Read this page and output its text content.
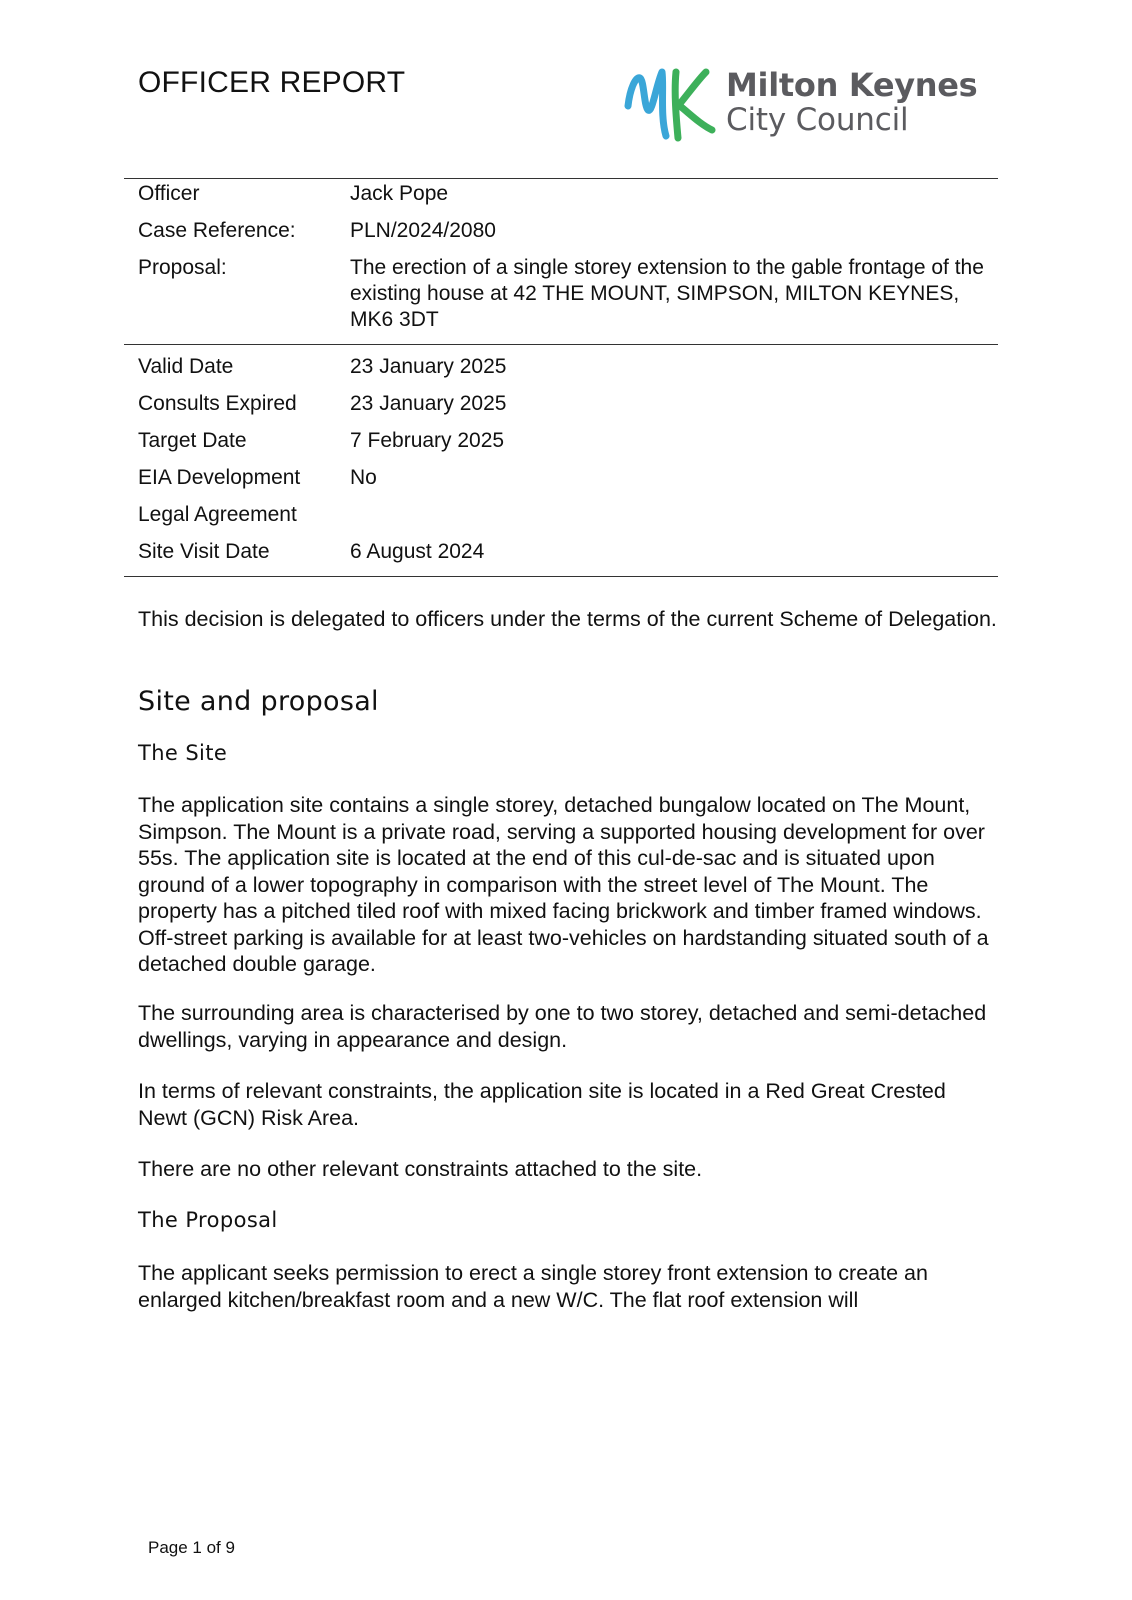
OFFICER REPORT	Milton Keynes
City Council
Officer	Jack Pope
Case Reference:	PLN/2024/2080
Proposal:	The erection of a single storey extension to the gable frontage of the existing house at 42 THE MOUNT, SIMPSON, MILTON KEYNES, MK6 3DT
Valid Date	23 January 2025
Consults Expired	23 January 2025
Target Date	7 February 2025
EIA Development	No
Legal Agreement	
Site Visit Date	6 August 2024

This decision is delegated to officers under the terms of the current Scheme of Delegation.

Site and proposal
The Site

The application site contains a single storey, detached bungalow located on The Mount, Simpson. The Mount is a private road, serving a supported housing development for over 55s. The application site is located at the end of this cul-de-sac and is situated upon ground of a lower topography in comparison with the street level of The Mount. The property has a pitched tiled roof with mixed facing brickwork and timber framed windows. Off-street parking is available for at least two-vehicles on hardstanding situated south of a detached double garage.

The surrounding area is characterised by one to two storey, detached and semi-detached dwellings, varying in appearance and design.

In terms of relevant constraints, the application site is located in a Red Great Crested Newt (GCN) Risk Area.

There are no other relevant constraints attached to the site.

The Proposal

The applicant seeks permission to erect a single storey front extension to create an enlarged kitchen/breakfast room and a new W/C. The flat roof extension will

Page 1 of 9
